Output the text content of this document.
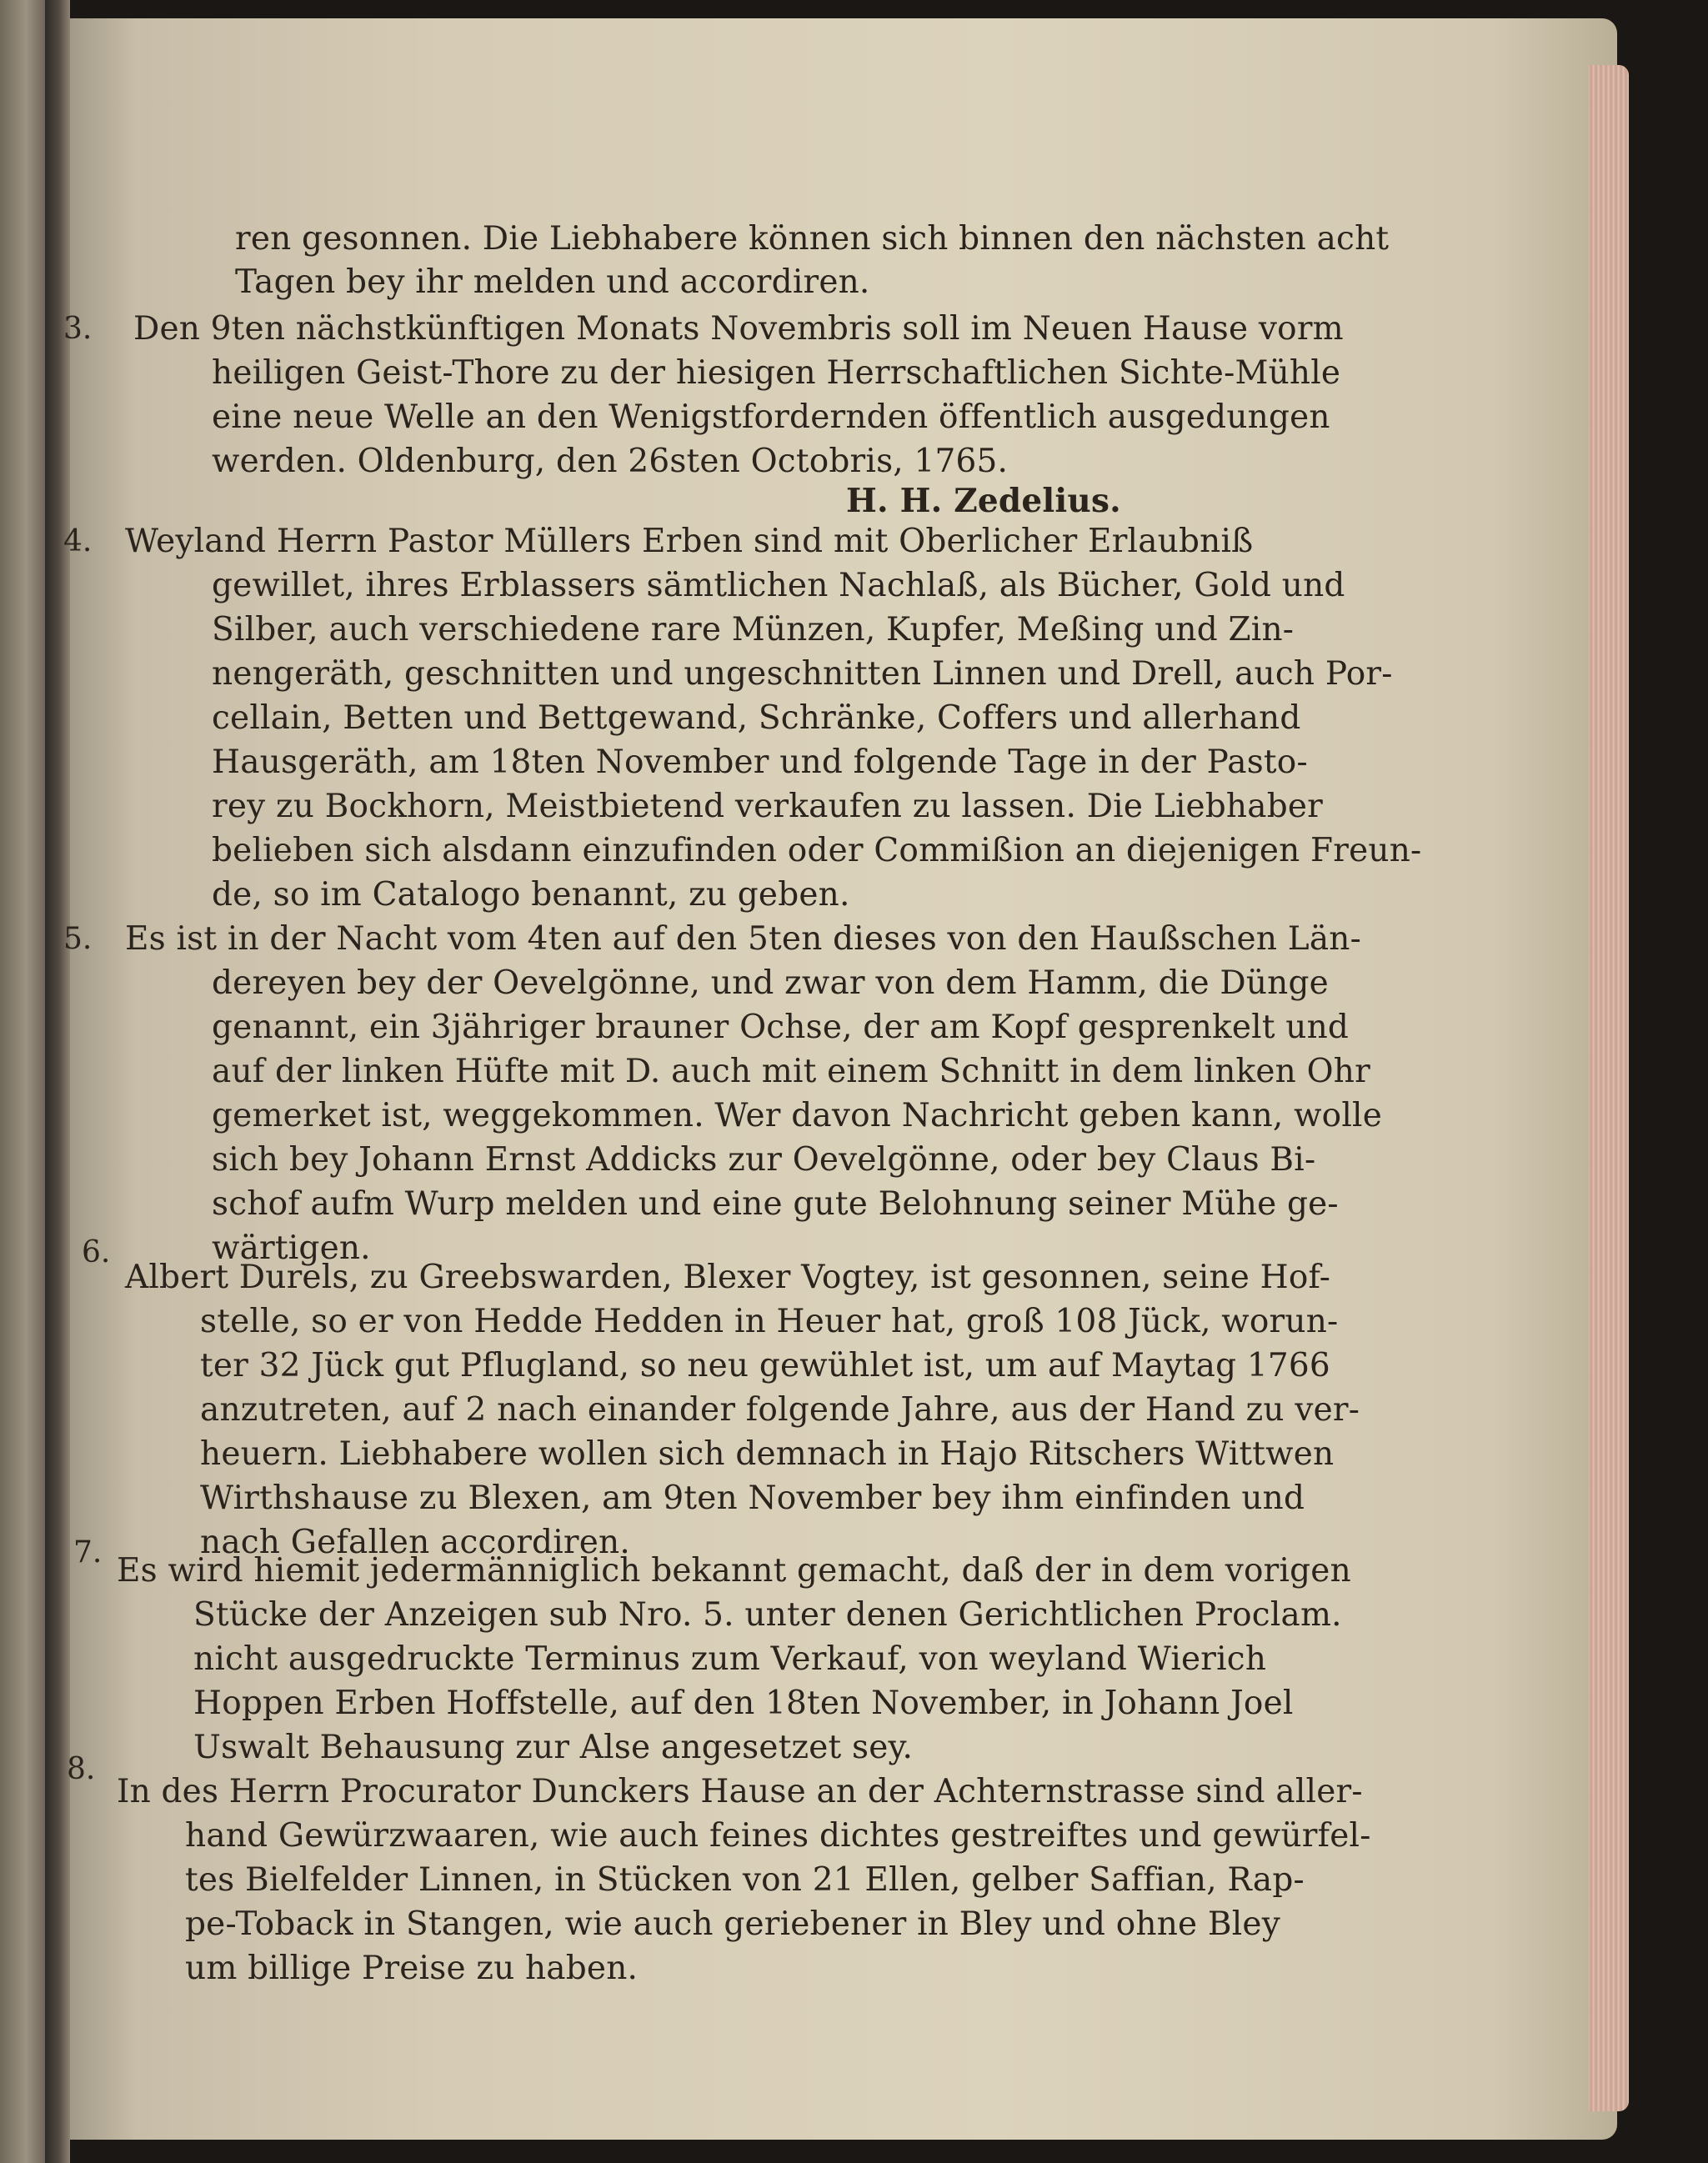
ren gesonnen. Die Liebhabere können sich binnen den nächsten acht

Tagen bey ihr melden und accordiren.

3. Den 9ten nächstkünftigen Monats Novembris soll im Neuen Hause vorm

heiligen Geist-Thore zu der hiesigen Herrschaftlichen Sichte-Mühle

eine neue Welle an den Wenigstfordernden öffentlich ausgedungen

werden. Oldenburg, den 26sten Octobris, 1765.

H. H. Zedelius.

4. Weyland Herrn Pastor Müllers Erben sind mit Oberlicher Erlaubniß

gewillet, ihres Erblassers sämtlichen Nachlaß, als Bücher, Gold und

Silber, auch verschiedene rare Münzen, Kupfer, Meßing und Zin-

nengeräth, geschnitten und ungeschnitten Linnen und Drell, auch Por-

cellain, Betten und Bettgewand, Schränke, Coffers und allerhand

Hausgeräth, am 18ten November und folgende Tage in der Pasto-

rey zu Bockhorn, Meistbietend verkaufen zu lassen. Die Liebhaber

belieben sich alsdann einzufinden oder Commißion an diejenigen Freun-

de, so im Catalogo benannt, zu geben.

5. Es ist in der Nacht vom 4ten auf den 5ten dieses von den Haußschen Län-

dereyen bey der Oevelgönne, und zwar von dem Hamm, die Dünge

genannt, ein 3jähriger brauner Ochse, der am Kopf gesprenkelt und

auf der linken Hüfte mit D. auch mit einem Schnitt in dem linken Ohr

gemerket ist, weggekommen. Wer davon Nachricht geben kann, wolle

sich bey Johann Ernst Addicks zur Oevelgönne, oder bey Claus Bi-

schof aufm Wurp melden und eine gute Belohnung seiner Mühe ge-

wärtigen.

6.

Albert Durels, zu Greebswarden, Blexer Vogtey, ist gesonnen, seine Hof-

stelle, so er von Hedde Hedden in Heuer hat, groß 108 Jück, worun-

ter 32 Jück gut Pflugland, so neu gewühlet ist, um auf Maytag 1766

anzutreten, auf 2 nach einander folgende Jahre, aus der Hand zu ver-

heuern. Liebhabere wollen sich demnach in Hajo Ritschers Wittwen

Wirthshause zu Blexen, am 9ten November bey ihm einfinden und

nach Gefallen accordiren.

7. Es wird hiemit jedermänniglich bekannt gemacht, daß der in dem vorigen

Stücke der Anzeigen sub Nro. 5. unter denen Gerichtlichen Proclam.

nicht ausgedruckte Terminus zum Verkauf, von weyland Wierich

Hoppen Erben Hoffstelle, auf den 18ten November, in Johann Joel

Uswalt Behausung zur Alse angesetzet sey.

8.

In des Herrn Procurator Dunckers Hause an der Achternstrasse sind aller-

hand Gewürzwaaren, wie auch feines dichtes gestreiftes und gewürfel-

tes Bielfelder Linnen, in Stücken von 21 Ellen, gelber Saffian, Rap-

pe-Toback in Stangen, wie auch geriebener in Bley und ohne Bley

um billige Preise zu haben.
